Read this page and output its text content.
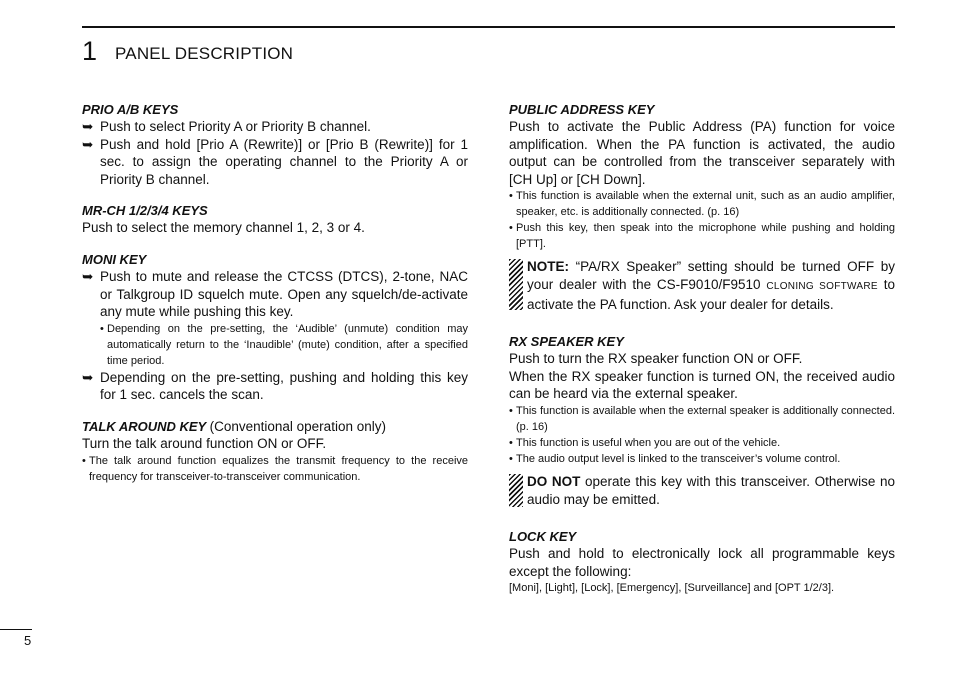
1 PANEL DESCRIPTION
PRIO A/B KEYS
➥ Push to select Priority A or Priority B channel.
➥ Push and hold [Prio A (Rewrite)] or [Prio B (Rewrite)] for 1 sec. to assign the operating channel to the Priority A or Priority B channel.
MR-CH 1/2/3/4 KEYS

Push to select the memory channel 1, 2, 3 or 4.

MONI KEY
➥ Push to mute and release the CTCSS (DTCS), 2-tone, NAC or Talkgroup ID squelch mute. Open any squelch/de-activate any mute while pushing this key.
• Depending on the pre-setting, the ‘Audible’ (unmute) condition may automatically return to the ‘Inaudible’ (mute) condition, after a specified time period.
➥ Depending on the pre-setting, pushing and holding this key for 1 sec. cancels the scan.
TALK AROUND KEY (Conventional operation only)

Turn the talk around function ON or OFF.

• The talk around function equalizes the transmit frequency to the receive frequency for transceiver-to-transceiver communication.
PUBLIC ADDRESS KEY

Push to activate the Public Address (PA) function for voice amplification. When the PA function is activated, the audio output can be controlled from the transceiver separately with [CH Up] or [CH Down].

• This function is available when the external unit, such as an audio amplifier, speaker, etc. is additionally connected. (p. 16)
• Push this key, then speak into the microphone while pushing and holding [PTT].
NOTE: “PA/RX Speaker” setting should be turned OFF by your dealer with the CS-F9010/F9510 CLONING SOFTWARE to activate the PA function. Ask your dealer for details.
RX SPEAKER KEY

Push to turn the RX speaker function ON or OFF.

When the RX speaker function is turned ON, the received audio can be heard via the external speaker.

• This function is available when the external speaker is additionally connected. (p. 16)
• This function is useful when you are out of the vehicle.
• The audio output level is linked to the transceiver’s volume control.
DO NOT operate this key with this transceiver. Otherwise no audio may be emitted.
LOCK KEY

Push and hold to electronically lock all programmable keys except the following:

[Moni], [Light], [Lock], [Emergency], [Surveillance] and [OPT 1/2/3].
5
